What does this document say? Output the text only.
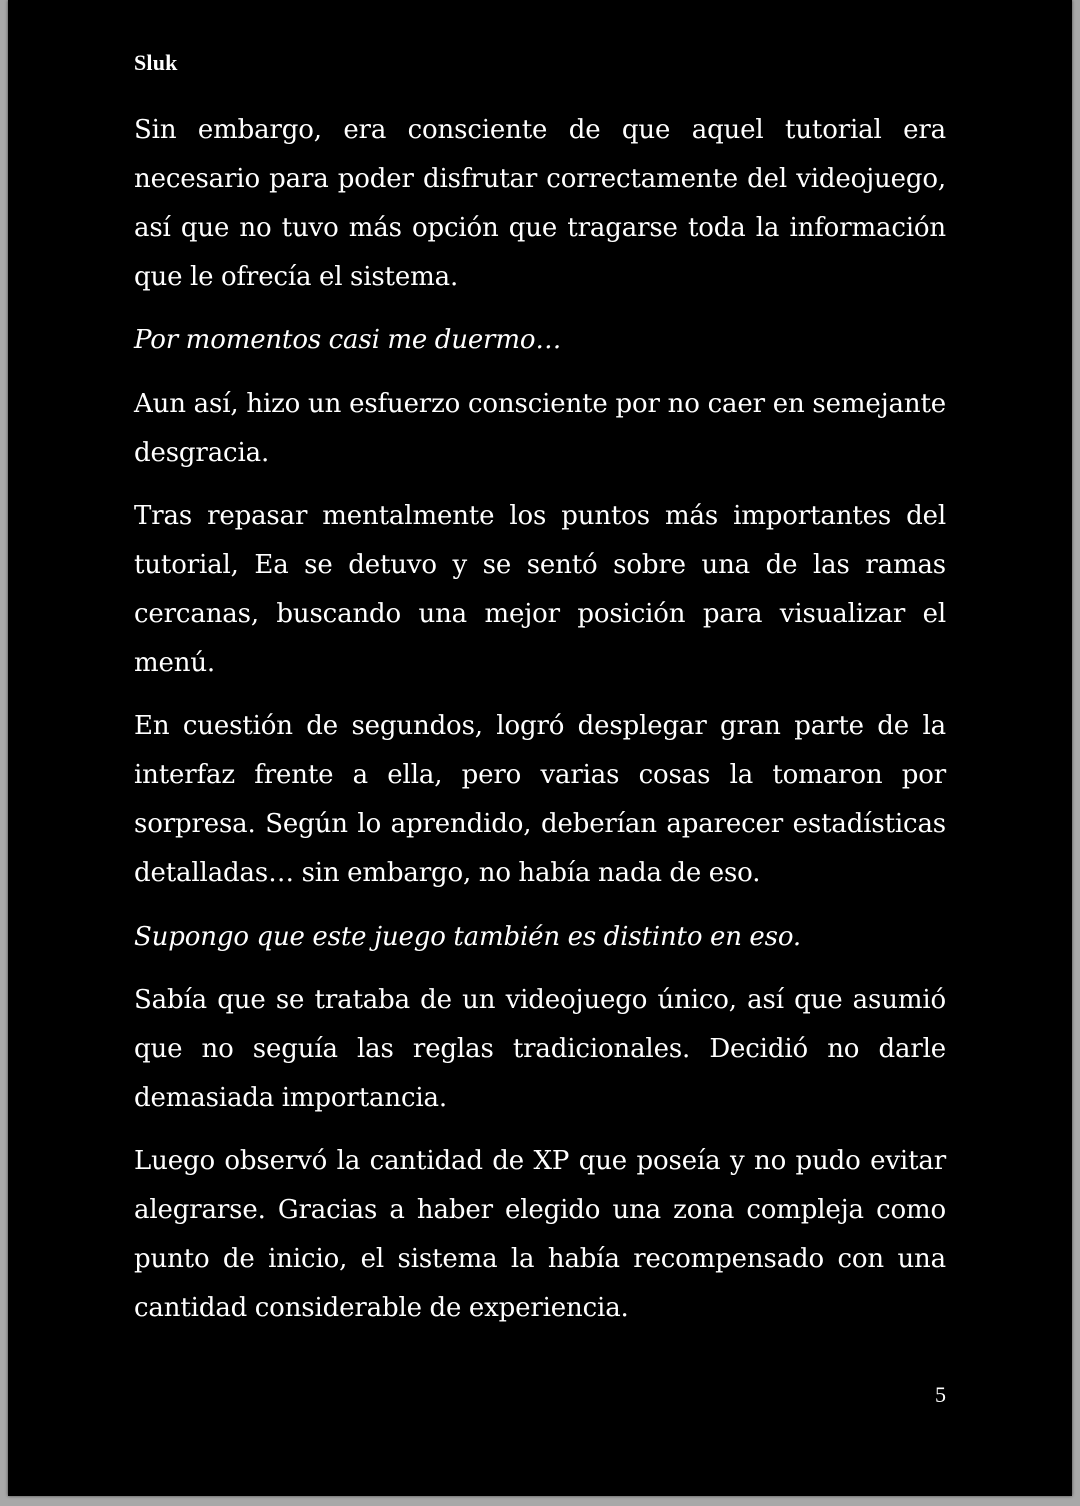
Sluk

Sin embargo, era consciente de que aquel tutorial era necesario para poder disfrutar correctamente del videojuego, así que no tuvo más opción que tragarse toda la información que le ofrecía el sistema.

Por momentos casi me duermo…

Aun así, hizo un esfuerzo consciente por no caer en semejante desgracia.

Tras repasar mentalmente los puntos más importantes del tutorial, Ea se detuvo y se sentó sobre una de las ramas cercanas, buscando una mejor posición para visualizar el menú.

En cuestión de segundos, logró desplegar gran parte de la interfaz frente a ella, pero varias cosas la tomaron por sorpresa. Según lo aprendido, deberían aparecer estadísticas detalladas… sin embargo, no había nada de eso.

Supongo que este juego también es distinto en eso.

Sabía que se trataba de un videojuego único, así que asumió que no seguía las reglas tradicionales. Decidió no darle demasiada importancia.

Luego observó la cantidad de XP que poseía y no pudo evitar alegrarse. Gracias a haber elegido una zona compleja como punto de inicio, el sistema la había recompensado con una cantidad considerable de experiencia.

5
